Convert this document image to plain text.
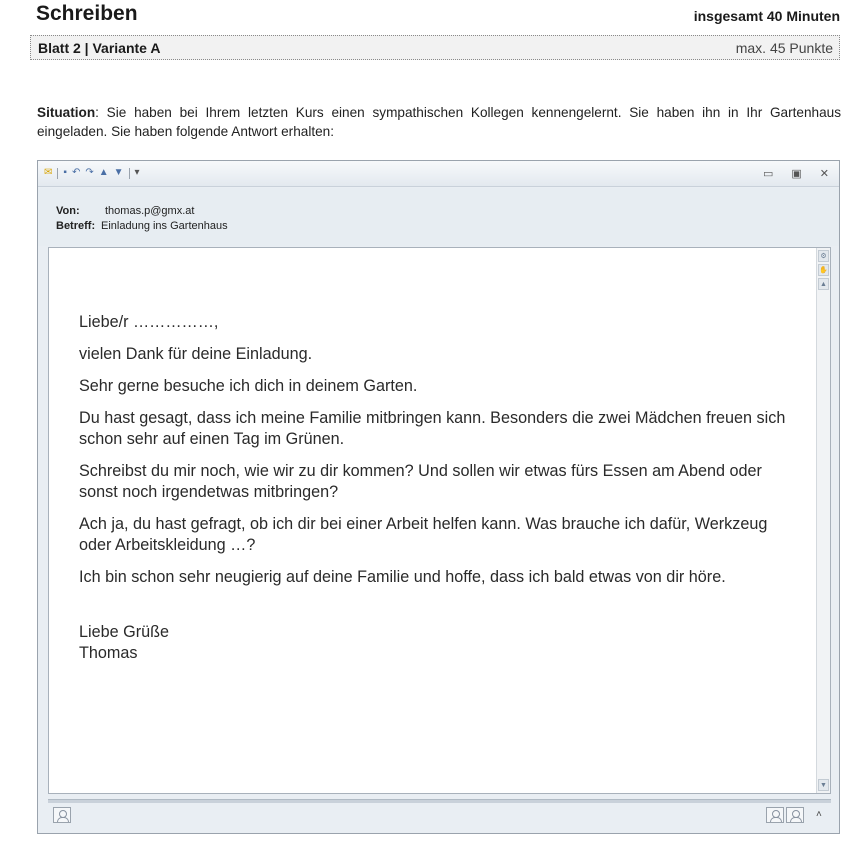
Schreiben	insgesamt 40 Minuten
Blatt 2 | Variante A	max. 45 Punkte
Situation: Sie haben bei Ihrem letzten Kurs einen sympathischen Kollegen kennengelernt. Sie haben ihn in Ihr Gartenhaus eingeladen. Sie haben folgende Antwort erhalten:
✉ ▪ ↶ ↷ ▲ ▼ ▾	▭ ▣ ✕
Von: thomas.p@gmx.at
Betreff: Einladung ins Gartenhaus

Liebe/r ……………,

vielen Dank für deine Einladung.

Sehr gerne besuche ich dich in deinem Garten.

Du hast gesagt, dass ich meine Familie mitbringen kann. Besonders die zwei Mädchen freuen sich schon sehr auf einen Tag im Grünen.

Schreibst du mir noch, wie wir zu dir kommen? Und sollen wir etwas fürs Essen am Abend oder sonst noch irgendetwas mitbringen?

Ach ja, du hast gefragt, ob ich dir bei einer Arbeit helfen kann. Was brauche ich dafür, Werkzeug oder Arbeitskleidung …?

Ich bin schon sehr neugierig auf deine Familie und hoffe, dass ich bald etwas von dir höre.

Liebe Grüße
Thomas
⚙
✋
▲
▼
˄
